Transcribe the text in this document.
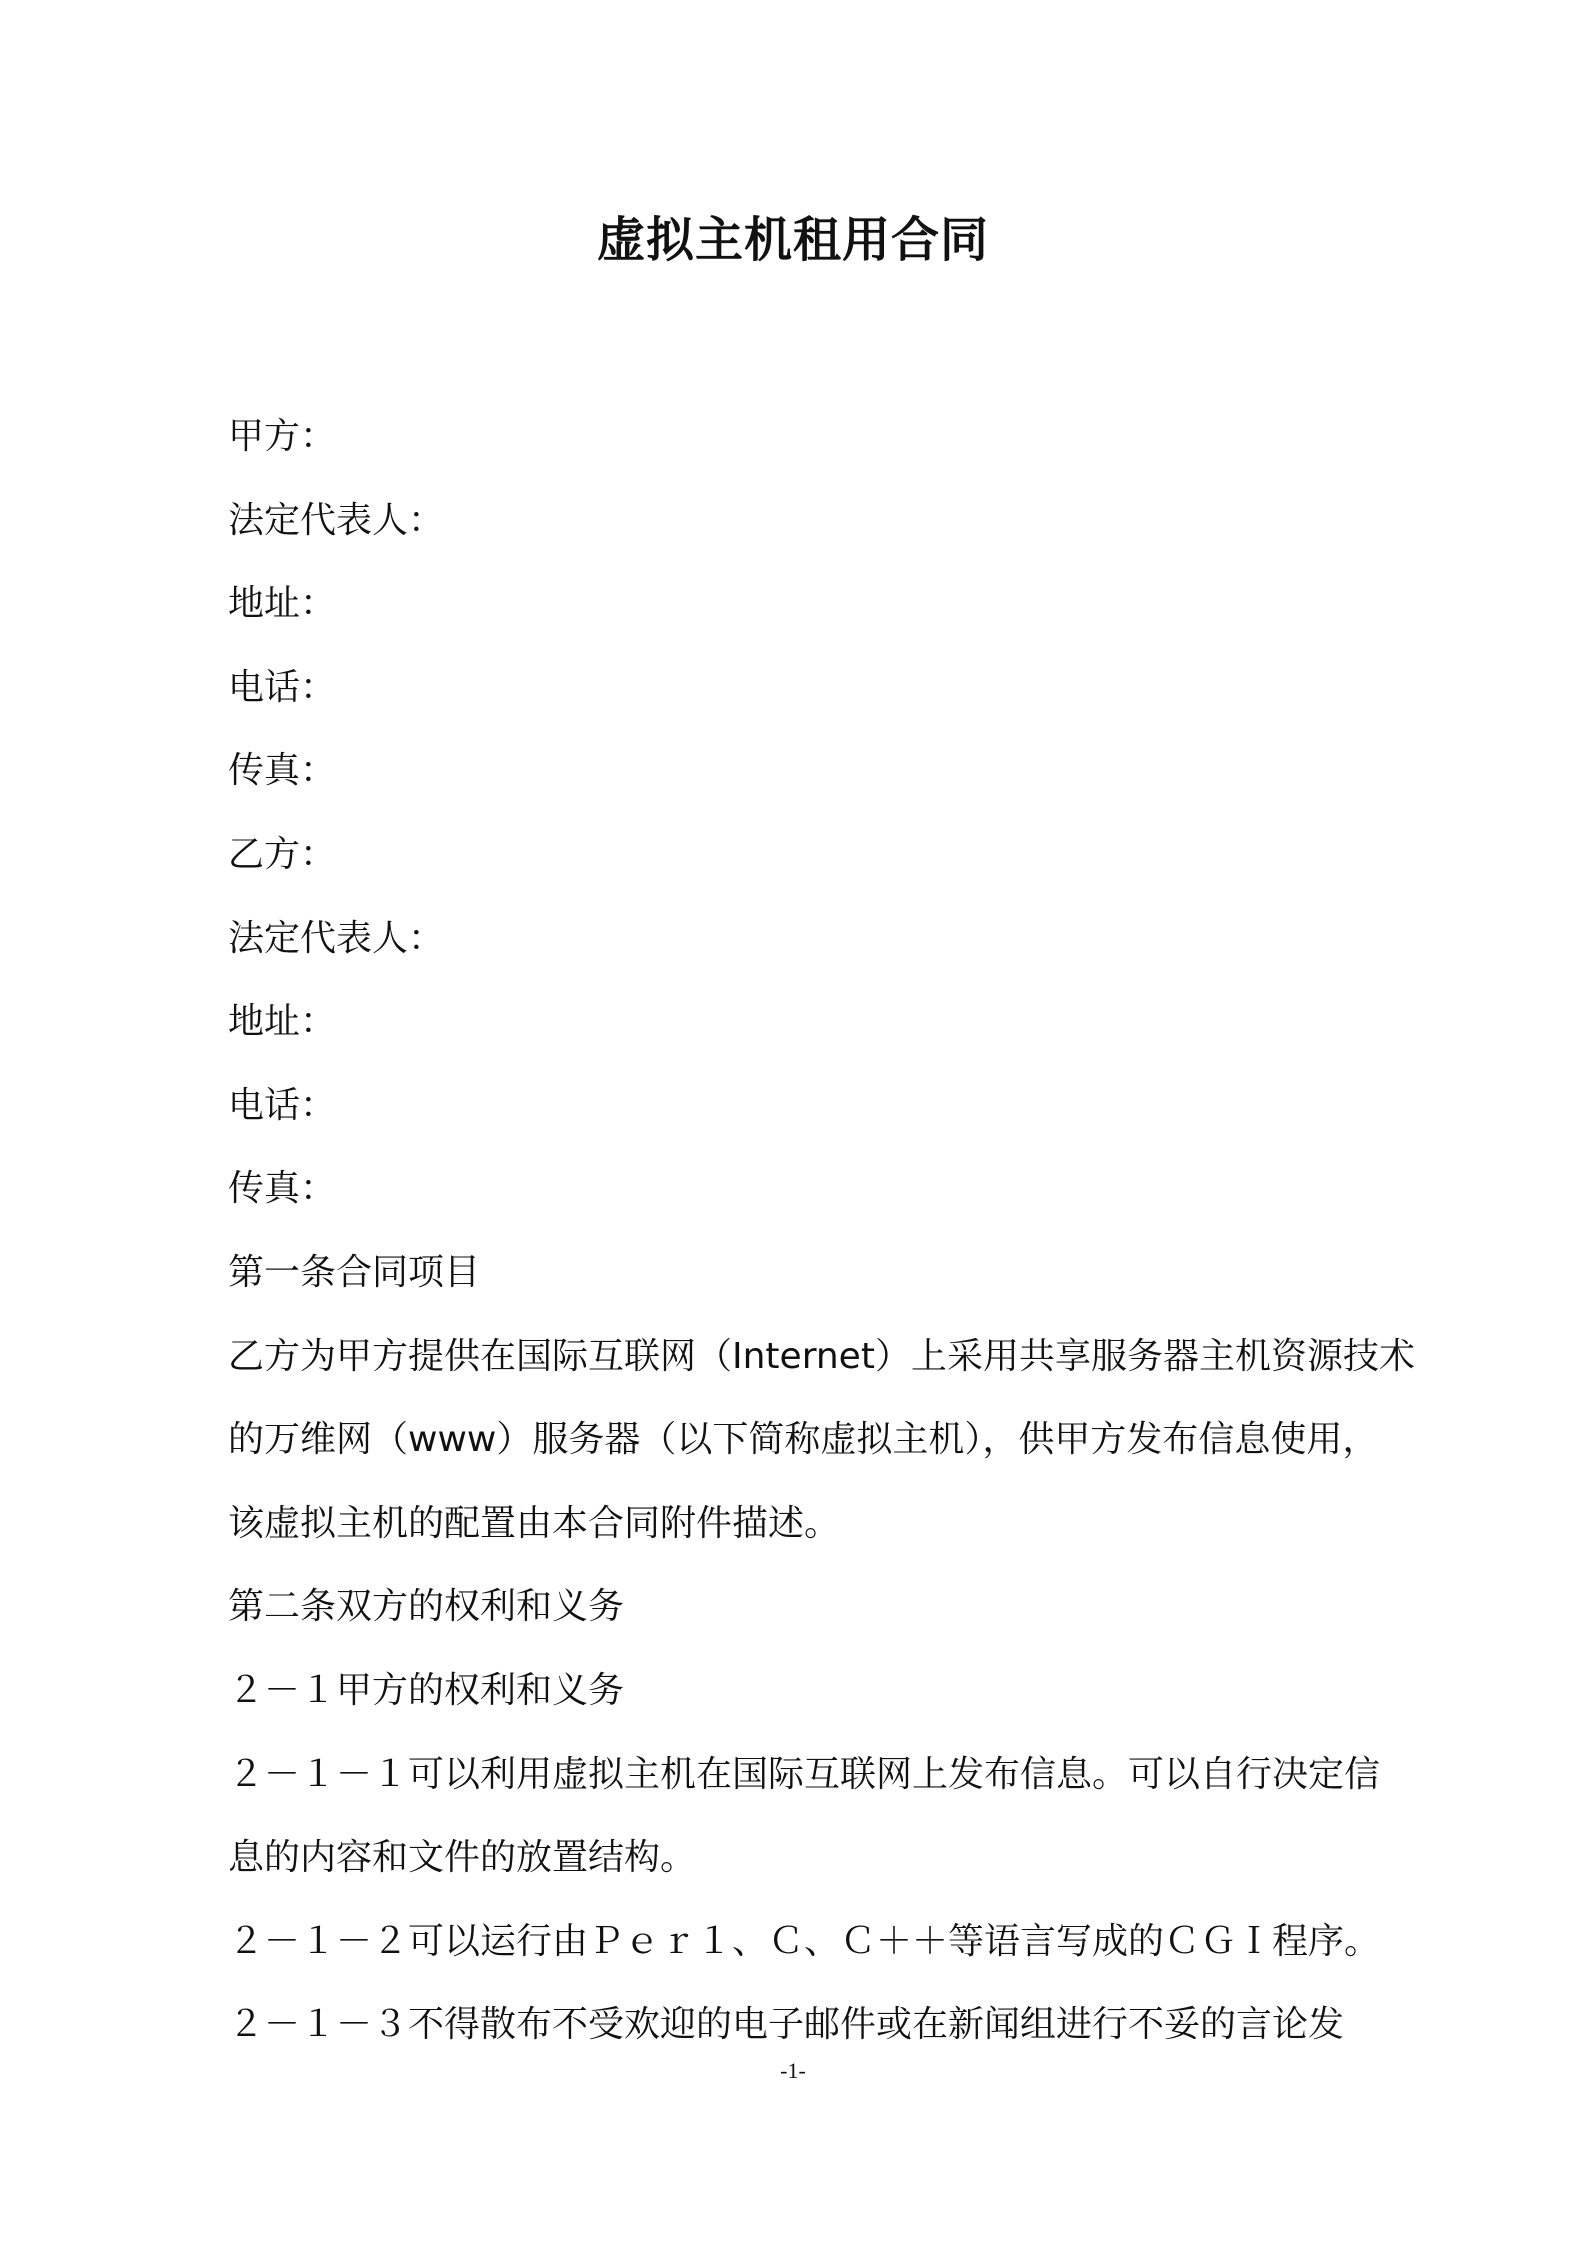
虚拟主机租用合同
甲方：
法定代表人：
地址：
电话：
传真：
乙方：
法定代表人：
地址：
电话：
传真：
第一条合同项目
乙方为甲方提供在国际互联网（Internet）上采用共享服务器主机资源技术
的万维网（www）服务器（以下简称虚拟主机），供甲方发布信息使用，
该虚拟主机的配置由本合同附件描述。
第二条双方的权利和义务
２－１甲方的权利和义务
２－１－１可以利用虚拟主机在国际互联网上发布信息。可以自行决定信
息的内容和文件的放置结构。
２－１－２可以运行由Ｐｅｒ１、Ｃ、Ｃ＋＋等语言写成的ＣＧＩ程序。
２－１－３不得散布不受欢迎的电子邮件或在新闻组进行不妥的言论发
-1-
